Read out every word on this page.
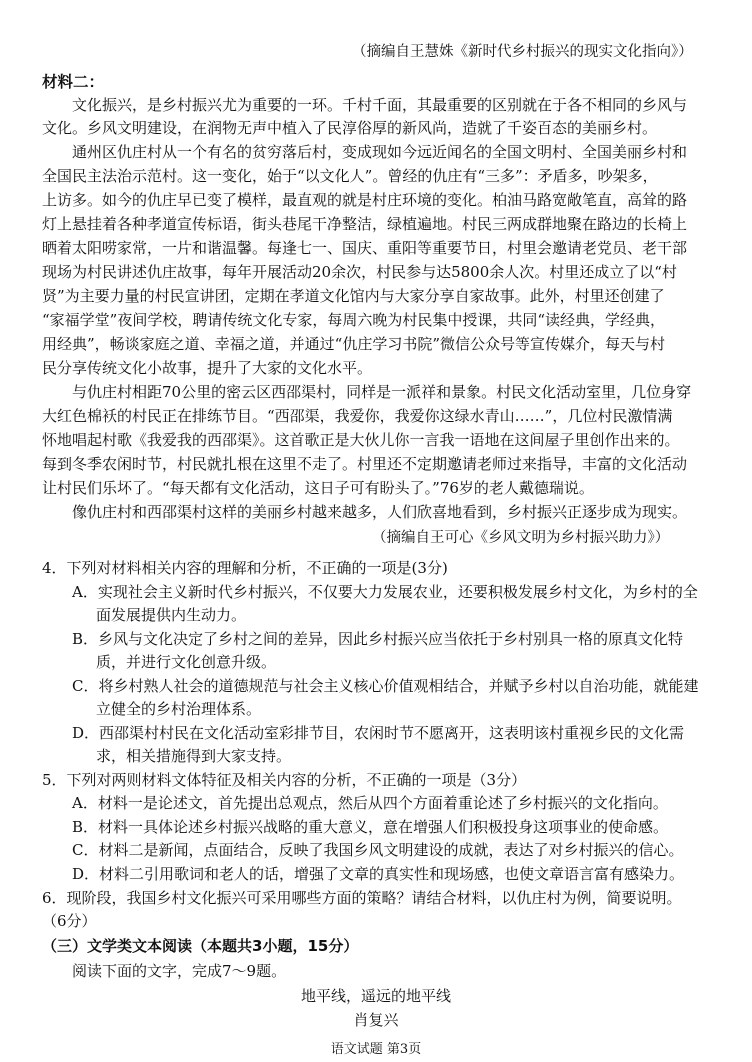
（摘编自王慧姝《新时代乡村振兴的现实文化指向》）
材料二：
文化振兴，是乡村振兴尤为重要的一环。千村千面，其最重要的区别就在于各不相同的乡风与
文化。乡风文明建设，在润物无声中植入了民淳俗厚的新风尚，造就了千姿百态的美丽乡村。
通州区仇庄村从一个有名的贫穷落后村，变成现如今远近闻名的全国文明村、全国美丽乡村和
全国民主法治示范村。这一变化，始于“以文化人”。曾经的仇庄有“三多”：矛盾多，吵架多，
上访多。如今的仇庄早已变了模样，最直观的就是村庄环境的变化。柏油马路宽敞笔直，高耸的路
灯上悬挂着各种孝道宣传标语，街头巷尾干净整洁，绿植遍地。村民三两成群地聚在路边的长椅上
晒着太阳唠家常，一片和谐温馨。每逢七一、国庆、重阳等重要节日，村里会邀请老党员、老干部
现场为村民讲述仇庄故事，每年开展活动20余次，村民参与达5800余人次。村里还成立了以“村
贤”为主要力量的村民宣讲团，定期在孝道文化馆内与大家分享自家故事。此外，村里还创建了
“家福学堂”夜间学校，聘请传统文化专家，每周六晚为村民集中授课，共同“读经典，学经典，
用经典”，畅谈家庭之道、幸福之道，并通过“仇庄学习书院”微信公众号等宣传媒介，每天与村
民分享传统文化小故事，提升了大家的文化水平。
与仇庄村相距70公里的密云区西邵渠村，同样是一派祥和景象。村民文化活动室里，几位身穿
大红色棉袄的村民正在排练节目。“西邵渠，我爱你，我爱你这绿水青山……”，几位村民激情满
怀地唱起村歌《我爱我的西邵渠》。这首歌正是大伙儿你一言我一语地在这间屋子里创作出来的。
每到冬季农闲时节，村民就扎根在这里不走了。村里还不定期邀请老师过来指导，丰富的文化活动
让村民们乐坏了。“每天都有文化活动，这日子可有盼头了。”76岁的老人戴德瑞说。
像仇庄村和西邵渠村这样的美丽乡村越来越多，人们欣喜地看到，乡村振兴正逐步成为现实。
（摘编自王可心《乡风文明为乡村振兴助力》）
4．下列对材料相关内容的理解和分析，不正确的一项是(3分)
A．实现社会主义新时代乡村振兴，不仅要大力发展农业，还要积极发展乡村文化，为乡村的全
面发展提供内生动力。
B．乡风与文化决定了乡村之间的差异，因此乡村振兴应当依托于乡村别具一格的原真文化特
质，并进行文化创意升级。
C．将乡村熟人社会的道德规范与社会主义核心价值观相结合，并赋予乡村以自治功能，就能建
立健全的乡村治理体系。
D．西邵渠村村民在文化活动室彩排节目，农闲时节不愿离开，这表明该村重视乡民的文化需
求，相关措施得到大家支持。
5．下列对两则材料文体特征及相关内容的分析，不正确的一项是（3分）
A．材料一是论述文，首先提出总观点，然后从四个方面着重论述了乡村振兴的文化指向。
B．材料一具体论述乡村振兴战略的重大意义，意在增强人们积极投身这项事业的使命感。
C．材料二是新闻，点面结合，反映了我国乡风文明建设的成就，表达了对乡村振兴的信心。
D．材料二引用歌词和老人的话，增强了文章的真实性和现场感，也使文章语言富有感染力。
6．现阶段，我国乡村文化振兴可采用哪些方面的策略？请结合材料，以仇庄村为例，简要说明。
（6分）
（三）文学类文本阅读（本题共3小题，15分）
阅读下面的文字，完成7～9题。
地平线，遥远的地平线
肖复兴
语文试题 第3页
